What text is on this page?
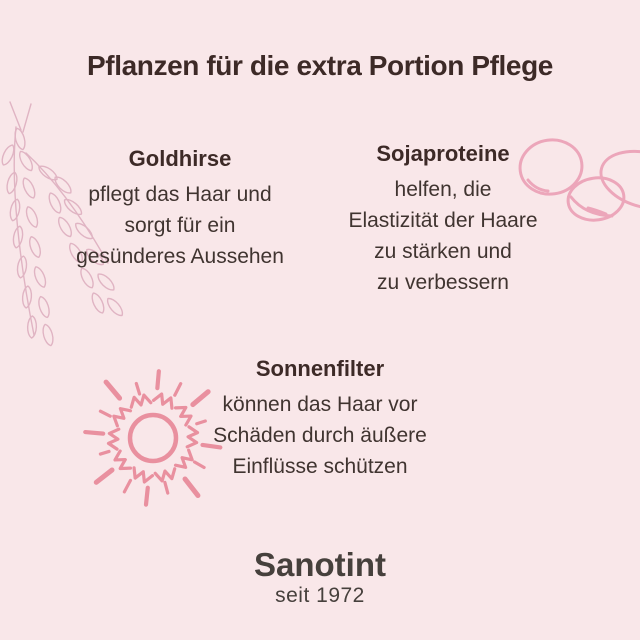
Pflanzen für die extra Portion Pflege
Goldhirse

pflegt das Haar und

sorgt für ein

gesünderes Aussehen

Sojaproteine

helfen, die

Elastizität der Haare

zu stärken und

zu verbessern

Sonnenfilter

können das Haar vor

Schäden durch äußere

Einflüsse schützen

Sanotint
seit 1972
